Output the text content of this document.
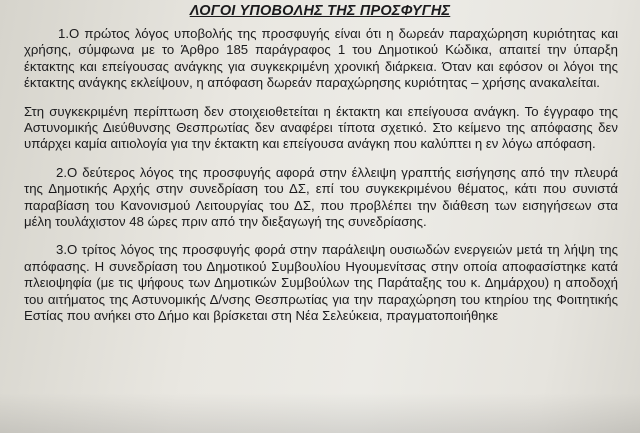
ΛΟΓΟΙ ΥΠΟΒΟΛΗΣ ΤΗΣ ΠΡΟΣΦΥΓΗΣ

1.Ο πρώτος λόγος υποβολής της προσφυγής είναι ότι η δωρεάν παραχώρηση κυριότητας και χρήσης, σύμφωνα με το Άρθρο 185 παράγραφος 1 του Δημοτικού Κώδικα, απαιτεί την ύπαρξη έκτακτης και επείγουσας ανάγκης για συγκεκριμένη χρονική διάρκεια. Όταν και εφόσον οι λόγοι της έκτακτης ανάγκης εκλείψουν, η απόφαση δωρεάν παραχώρησης κυριότητας – χρήσης ανακαλείται.

Στη συγκεκριμένη περίπτωση δεν στοιχειοθετείται η έκτακτη και επείγουσα ανάγκη. Το έγγραφο της Αστυνομικής Διεύθυνσης Θεσπρωτίας δεν αναφέρει τίποτα σχετικό. Στο κείμενο της απόφασης δεν υπάρχει καμία αιτιολογία για την έκτακτη και επείγουσα ανάγκη που καλύπτει η εν λόγω απόφαση.

2.Ο δεύτερος λόγος της προσφυγής αφορά στην έλλειψη γραπτής εισήγησης από την πλευρά της Δημοτικής Αρχής στην συνεδρίαση του ΔΣ, επί του συγκεκριμένου θέματος, κάτι που συνιστά παραβίαση του Κανονισμού Λειτουργίας του ΔΣ, που προβλέπει την διάθεση των εισηγήσεων στα μέλη τουλάχιστον 48 ώρες πριν από την διεξαγωγή της συνεδρίασης.

3.Ο τρίτος λόγος της προσφυγής φορά στην παράλειψη ουσιωδών ενεργειών μετά τη λήψη της απόφασης. Η συνεδρίαση του Δημοτικού Συμβουλίου Ηγουμενίτσας στην οποία αποφασίστηκε κατά πλειοψηφία (με τις ψήφους των Δημοτικών Συμβούλων της Παράταξης του κ. Δημάρχου) η αποδοχή του αιτήματος της Αστυνομικής Δ/νσης Θεσπρωτίας για την παραχώρηση του κτηρίου της Φοιτητικής Εστίας που ανήκει στο Δήμο και βρίσκεται στη Νέα Σελεύκεια, πραγματοποιήθηκε
